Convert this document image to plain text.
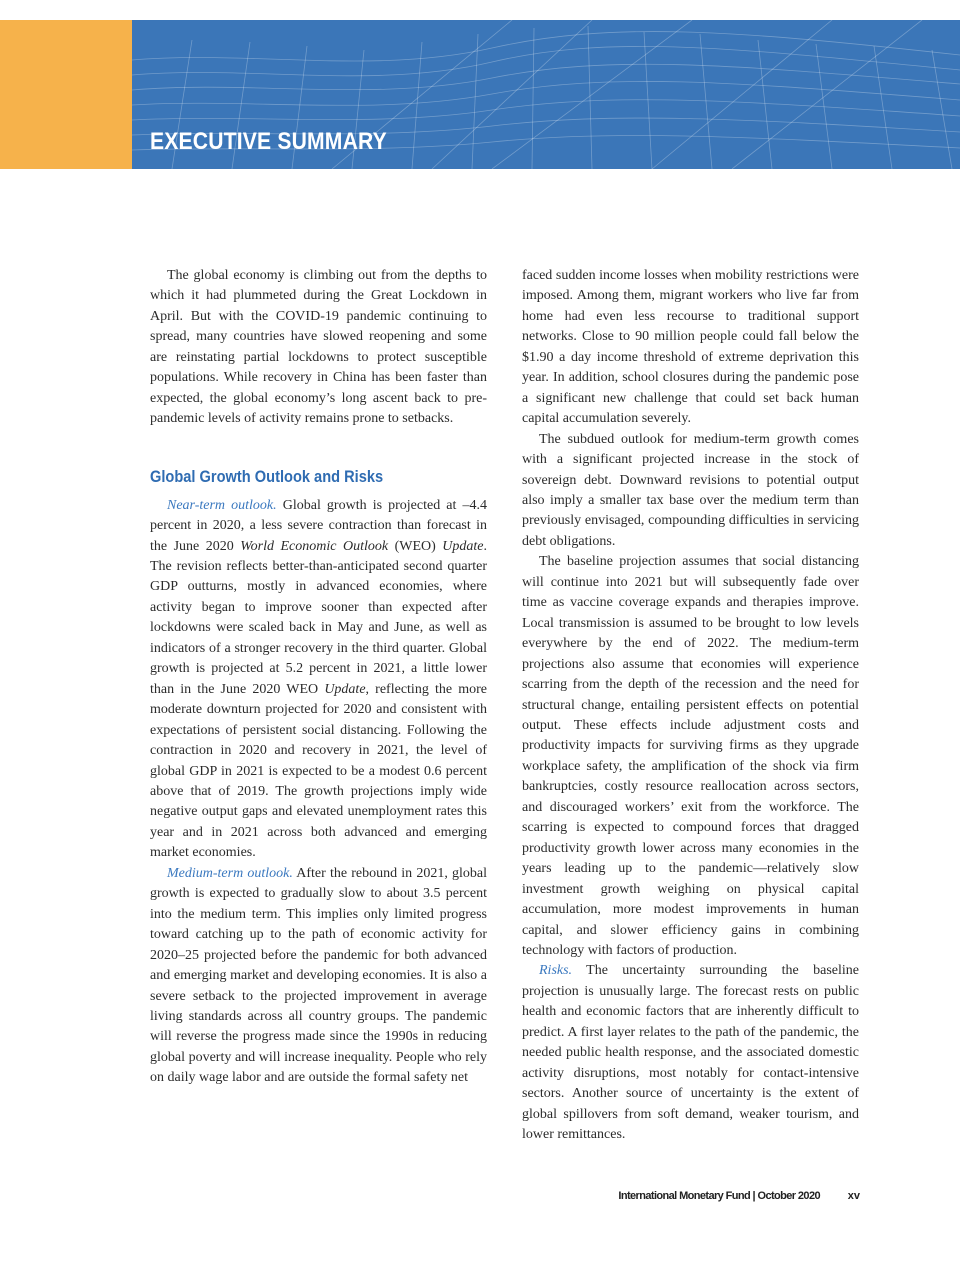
EXECUTIVE SUMMARY

The global economy is climbing out from the depths to which it had plummeted during the Great Lockdown in April. But with the COVID-19 pandemic continuing to spread, many countries have slowed reopening and some are reinstating partial lockdowns to protect susceptible populations. While recovery in China has been faster than expected, the global economy’s long ascent back to pre-pandemic levels of activity remains prone to setbacks.

Global Growth Outlook and Risks

Near-term outlook. Global growth is projected at –4.4 percent in 2020, a less severe contraction than forecast in the June 2020 World Economic Outlook (WEO) Update. The revision reflects better-than-anticipated second quarter GDP outturns, mostly in advanced economies, where activity began to improve sooner than expected after lockdowns were scaled back in May and June, as well as indicators of a stronger recovery in the third quarter. Global growth is projected at 5.2 percent in 2021, a little lower than in the June 2020 WEO Update, reflecting the more moderate downturn projected for 2020 and consistent with expectations of persistent social distancing. Following the contraction in 2020 and recovery in 2021, the level of global GDP in 2021 is expected to be a modest 0.6 percent above that of 2019. The growth projections imply wide negative output gaps and elevated unemployment rates this year and in 2021 across both advanced and emerging market economies.

Medium-term outlook. After the rebound in 2021, global growth is expected to gradually slow to about 3.5 percent into the medium term. This implies only limited progress toward catching up to the path of economic activity for 2020–25 projected before the pandemic for both advanced and emerging market and developing economies. It is also a severe setback to the projected improvement in average living standards across all country groups. The pandemic will reverse the progress made since the 1990s in reducing global poverty and will increase inequality. People who rely on daily wage labor and are outside the formal safety net

faced sudden income losses when mobility restrictions were imposed. Among them, migrant workers who live far from home had even less recourse to traditional support networks. Close to 90 million people could fall below the $1.90 a day income threshold of extreme deprivation this year. In addition, school closures during the pandemic pose a significant new challenge that could set back human capital accumulation severely.

The subdued outlook for medium-term growth comes with a significant projected increase in the stock of sovereign debt. Downward revisions to potential output also imply a smaller tax base over the medium term than previously envisaged, compounding difficulties in servicing debt obligations.

The baseline projection assumes that social distancing will continue into 2021 but will subsequently fade over time as vaccine coverage expands and therapies improve. Local transmission is assumed to be brought to low levels everywhere by the end of 2022. The medium-term projections also assume that economies will experience scarring from the depth of the recession and the need for structural change, entailing persistent effects on potential output. These effects include adjustment costs and productivity impacts for surviving firms as they upgrade workplace safety, the amplification of the shock via firm bankruptcies, costly resource reallocation across sectors, and discouraged workers’ exit from the workforce. The scarring is expected to compound forces that dragged productivity growth lower across many economies in the years leading up to the pandemic—relatively slow investment growth weighing on physical capital accumulation, more modest improvements in human capital, and slower efficiency gains in combining technology with factors of production.

Risks. The uncertainty surrounding the baseline projection is unusually large. The forecast rests on public health and economic factors that are inherently difficult to predict. A first layer relates to the path of the pandemic, the needed public health response, and the associated domestic activity disruptions, most notably for contact-intensive sectors. Another source of uncertainty is the extent of global spillovers from soft demand, weaker tourism, and lower remittances.

International Monetary Fund | October 2020	xv
